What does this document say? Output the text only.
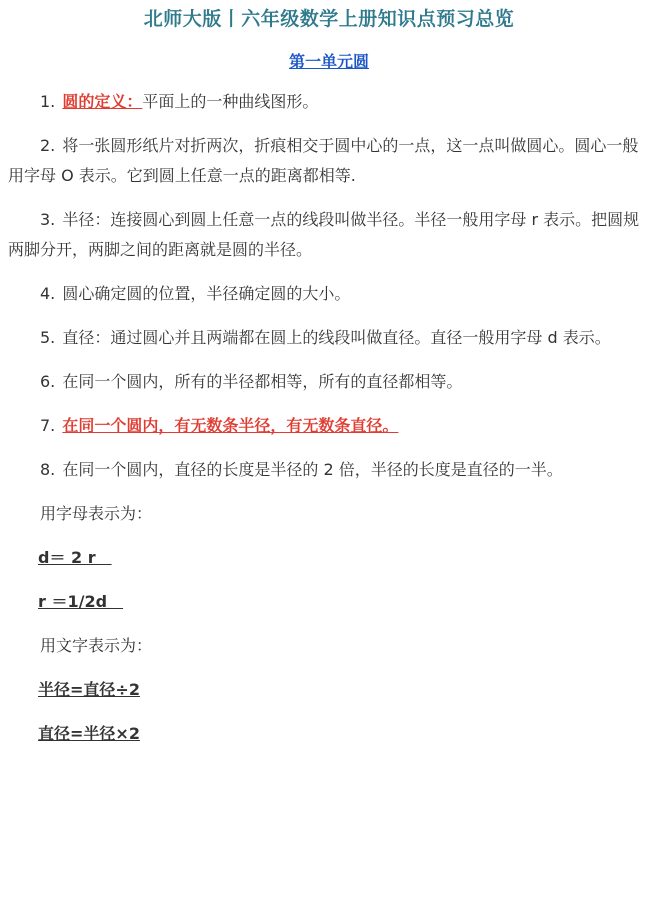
北师大版丨六年级数学上册知识点预习总览
第一单元圆

1. 圆的定义：平面上的一种曲线图形。

2. 将一张圆形纸片对折两次，折痕相交于圆中心的一点，这一点叫做圆心。圆心一般用字母 O 表示。它到圆上任意一点的距离都相等.

3. 半径：连接圆心到圆上任意一点的线段叫做半径。半径一般用字母 r 表示。把圆规两脚分开，两脚之间的距离就是圆的半径。

4. 圆心确定圆的位置，半径确定圆的大小。

5. 直径：通过圆心并且两端都在圆上的线段叫做直径。直径一般用字母 d 表示。

6. 在同一个圆内，所有的半径都相等，所有的直径都相等。

7. 在同一个圆内，有无数条半径，有无数条直径。

8. 在同一个圆内，直径的长度是半径的 2 倍，半径的长度是直径的一半。

用字母表示为：

d＝ 2 r　

r ＝1/2d　

用文字表示为：

半径=直径÷2

直径=半径×2
